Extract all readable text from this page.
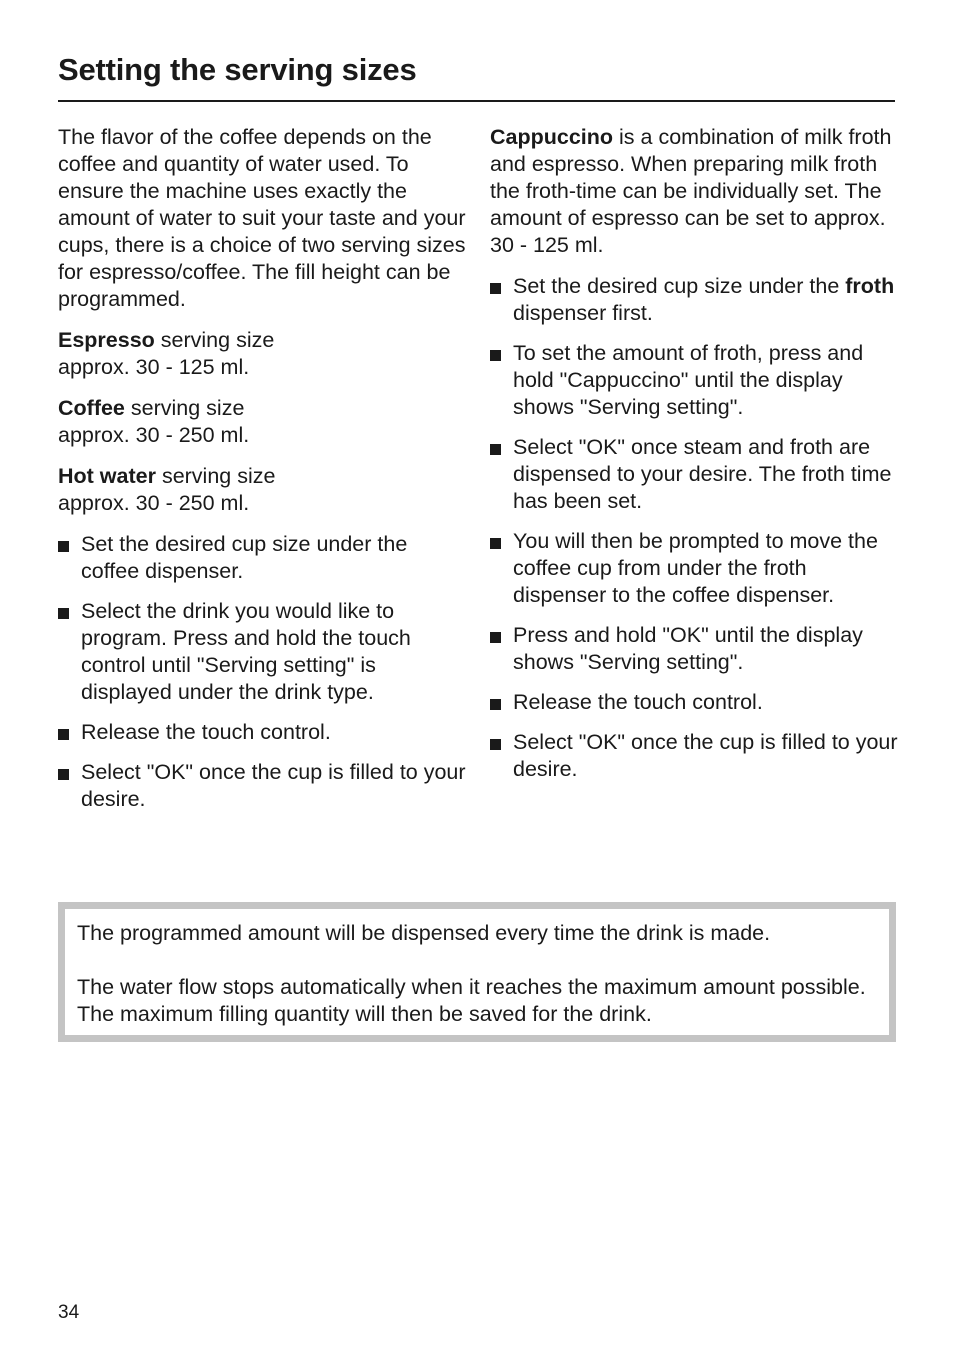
Setting the serving sizes

The flavor of the coffee depends on the coffee and quantity of water used. To ensure the machine uses exactly the amount of water to suit your taste and your cups, there is a choice of two serving sizes for espresso/coffee. The fill height can be programmed.

Espresso serving size
approx. 30 - 125 ml.

Coffee serving size
approx. 30 - 250 ml.

Hot water serving size
approx. 30 - 250 ml.

Set the desired cup size under the coffee dispenser.
Select the drink you would like to program. Press and hold the touch control until "Serving setting" is displayed under the drink type.
Release the touch control.
Select "OK" once the cup is filled to your desire.

Cappuccino is a combination of milk froth and espresso. When preparing milk froth the froth-time can be individually set. The amount of espresso can be set to approx.
30 - 125 ml.

Set the desired cup size under the froth dispenser first.
To set the amount of froth, press and hold "Cappuccino" until the display shows "Serving setting".
Select "OK" once steam and froth are dispensed to your desire. The froth time has been set.
You will then be prompted to move the coffee cup from under the froth dispenser to the coffee dispenser.
Press and hold "OK" until the display shows "Serving setting".
Release the touch control.
Select "OK" once the cup is filled to your desire.

The programmed amount will be dispensed every time the drink is made.

The water flow stops automatically when it reaches the maximum amount possible. The maximum filling quantity will then be saved for the drink.

34
